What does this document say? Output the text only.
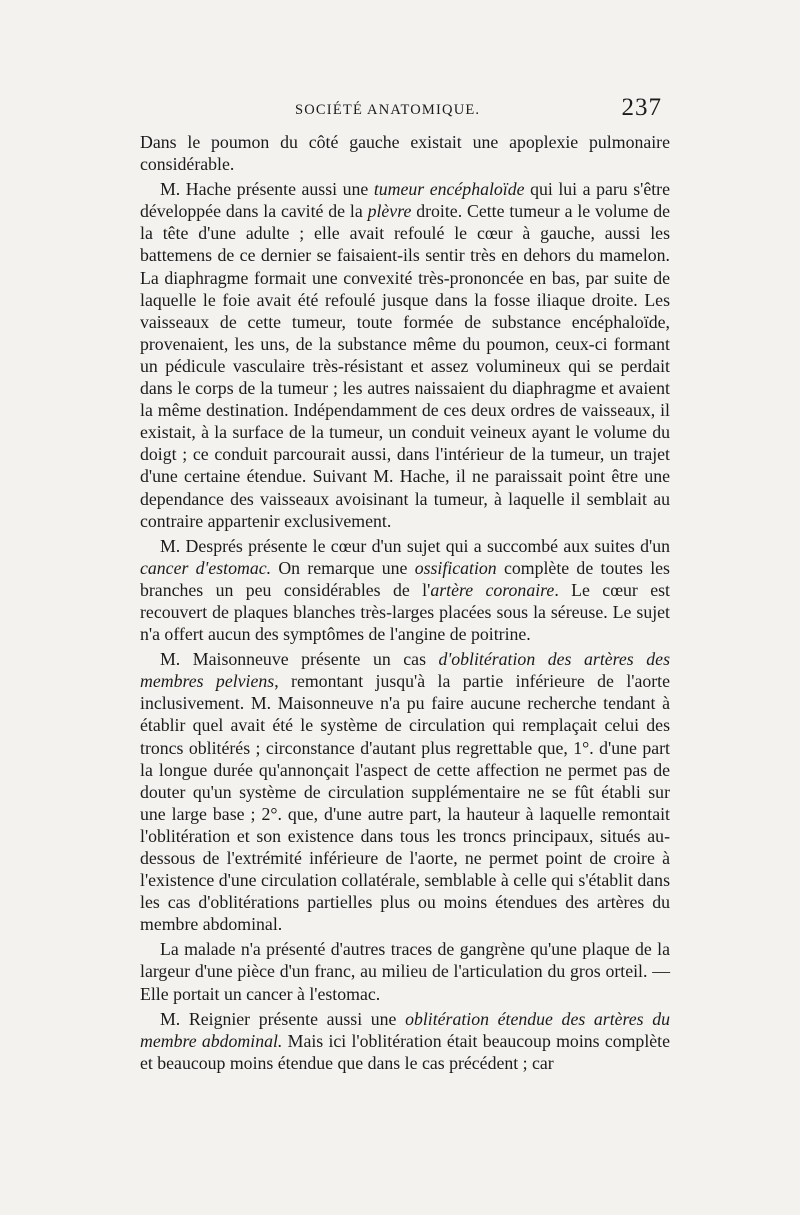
SOCIÉTÉ ANATOMIQUE.	237

Dans le poumon du côté gauche existait une apoplexie pulmonaire considérable.

M. Hache présente aussi une tumeur encéphaloïde qui lui a paru s'être développée dans la cavité de la plèvre droite. Cette tumeur a le volume de la tête d'une adulte ; elle avait refoulé le cœur à gauche, aussi les battemens de ce dernier se faisaient-ils sentir très en dehors du mamelon. La diaphragme formait une convexité très-prononcée en bas, par suite de laquelle le foie avait été refoulé jusque dans la fosse iliaque droite. Les vaisseaux de cette tumeur, toute formée de substance encéphaloïde, provenaient, les uns, de la substance même du poumon, ceux-ci formant un pédicule vasculaire très-résistant et assez volumineux qui se perdait dans le corps de la tumeur ; les autres naissaient du diaphragme et avaient la même destination. Indépendamment de ces deux ordres de vaisseaux, il existait, à la surface de la tumeur, un conduit veineux ayant le volume du doigt ; ce conduit parcourait aussi, dans l'intérieur de la tumeur, un trajet d'une certaine étendue. Suivant M. Hache, il ne paraissait point être une dependance des vaisseaux avoisinant la tumeur, à laquelle il semblait au contraire appartenir exclusivement.

M. Després présente le cœur d'un sujet qui a succombé aux suites d'un cancer d'estomac. On remarque une ossification complète de toutes les branches un peu considérables de l'artère coronaire. Le cœur est recouvert de plaques blanches très-larges placées sous la séreuse. Le sujet n'a offert aucun des symptômes de l'angine de poitrine.

M. Maisonneuve présente un cas d'oblitération des artères des membres pelviens, remontant jusqu'à la partie inférieure de l'aorte inclusivement. M. Maisonneuve n'a pu faire aucune recherche tendant à établir quel avait été le système de circulation qui remplaçait celui des troncs oblitérés ; circonstance d'autant plus regrettable que, 1°. d'une part la longue durée qu'annonçait l'aspect de cette affection ne permet pas de douter qu'un système de circulation supplémentaire ne se fût établi sur une large base ; 2°. que, d'une autre part, la hauteur à laquelle remontait l'oblitération et son existence dans tous les troncs principaux, situés au-dessous de l'extrémité inférieure de l'aorte, ne permet point de croire à l'existence d'une circulation collatérale, semblable à celle qui s'établit dans les cas d'oblitérations partielles plus ou moins étendues des artères du membre abdominal.

La malade n'a présenté d'autres traces de gangrène qu'une plaque de la largeur d'une pièce d'un franc, au milieu de l'articulation du gros orteil. — Elle portait un cancer à l'estomac.

M. Reignier présente aussi une oblitération étendue des artères du membre abdominal. Mais ici l'oblitération était beaucoup moins complète et beaucoup moins étendue que dans le cas précédent ; car
